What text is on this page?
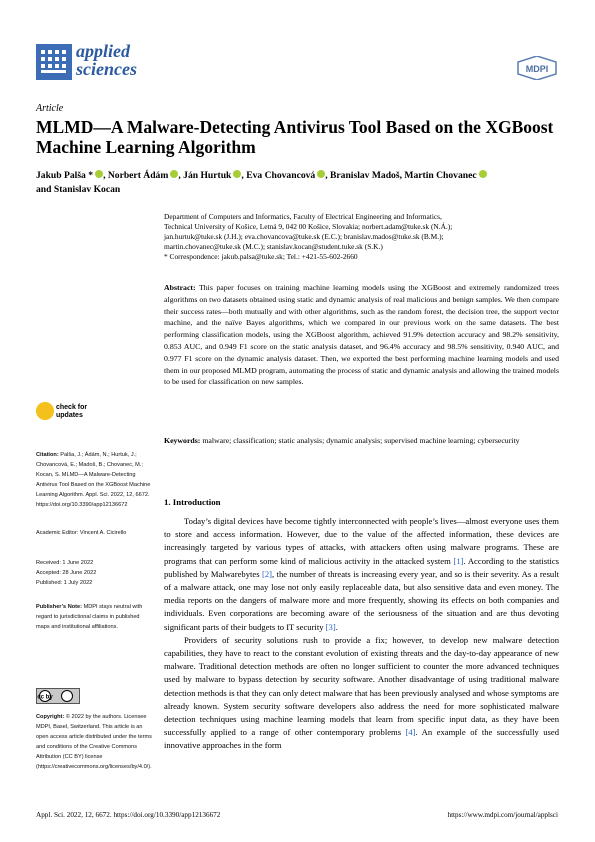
applied
sciences	MDPI
Article
MLMD—A Malware-Detecting Antivirus Tool Based on the XGBoost Machine Learning Algorithm
Jakub Palša * , Norbert Ádám , Ján Hurtuk , Eva Chovancová , Branislav Madoš, Martin Chovanec
and Stanislav Kocan
Department of Computers and Informatics, Faculty of Electrical Engineering and Informatics,
Technical University of Košice, Letná 9, 042 00 Košice, Slovakia; norbert.adam@tuke.sk (N.Á.);
jan.hurtuk@tuke.sk (J.H.); eva.chovancova@tuke.sk (E.C.); branislav.mados@tuke.sk (B.M.);
martin.chovanec@tuke.sk (M.C.); stanislav.kocan@student.tuke.sk (S.K.)
* Correspondence: jakub.palsa@tuke.sk; Tel.: +421-55-602-2660
Abstract: This paper focuses on training machine learning models using the XGBoost and extremely randomized trees algorithms on two datasets obtained using static and dynamic analysis of real malicious and benign samples. We then compare their success rates—both mutually and with other algorithms, such as the random forest, the decision tree, the support vector machine, and the naïve Bayes algorithms, which we compared in our previous work on the same datasets. The best performing classification models, using the XGBoost algorithm, achieved 91.9% detection accuracy and 98.2% sensitivity, 0.853 AUC, and 0.949 F1 score on the static analysis dataset, and 96.4% accuracy and 98.5% sensitivity, 0.940 AUC, and 0.977 F1 score on the dynamic analysis dataset. Then, we exported the best performing machine learning models and used them in our proposed MLMD program, automating the process of static and dynamic analysis and allowing the trained models to be used for classification on new samples.
Keywords: malware; classification; static analysis; dynamic analysis; supervised machine learning; cybersecurity
check for updates
Citation: Palša, J.; Ádám, N.; Hurtuk, J.; Chovancová, E.; Madoš, B.; Chovanec, M.; Kocan, S. MLMD—A Malware-Detecting Antivirus Tool Based on the XGBoost Machine Learning Algorithm. Appl. Sci. 2022, 12, 6672. https://doi.org/10.3390/app12136672
Academic Editor: Vincent A. Cicirello
Received: 1 June 2022
Accepted: 28 June 2022
Published: 1 July 2022
Publisher’s Note: MDPI stays neutral with regard to jurisdictional claims in published maps and institutional affiliations.
cc by
Copyright: © 2022 by the authors. Licensee MDPI, Basel, Switzerland. This article is an open access article distributed under the terms and conditions of the Creative Commons Attribution (CC BY) license (https://creativecommons.org/licenses/by/4.0/).
1. Introduction

Today’s digital devices have become tightly interconnected with people’s lives—almost everyone uses them to store and access information. However, due to the value of the affected information, these devices are increasingly targeted by various types of attacks, with attackers often using malware programs. These are programs that can perform some kind of malicious activity in the attacked system [1]. According to the statistics published by Malwarebytes [2], the number of threats is increasing every year, and so is their severity. As a result of a malware attack, one may lose not only easily replaceable data, but also sensitive data and even money. The media reports on the dangers of malware more and more frequently, showing its effects on both companies and individuals. Even corporations are becoming aware of the seriousness of the situation and are thus devoting significant parts of their budgets to IT security [3].

Providers of security solutions rush to provide a fix; however, to develop new malware detection capabilities, they have to react to the constant evolution of existing threats and the day-to-day appearance of new malware. Traditional detection methods are often no longer sufficient to counter the more advanced techniques used by malware to bypass detection by security software. Another disadvantage of using traditional malware detection methods is that they can only detect malware that has been previously analysed and whose symptoms are already known. System security software developers also address the need for more sophisticated malware detection techniques using machine learning models that learn from specific input data, as they have been successfully applied to a range of other contemporary problems [4]. An example of the successfully used innovative approaches in the form

Appl. Sci. 2022, 12, 6672. https://doi.org/10.3390/app12136672	https://www.mdpi.com/journal/applsci
